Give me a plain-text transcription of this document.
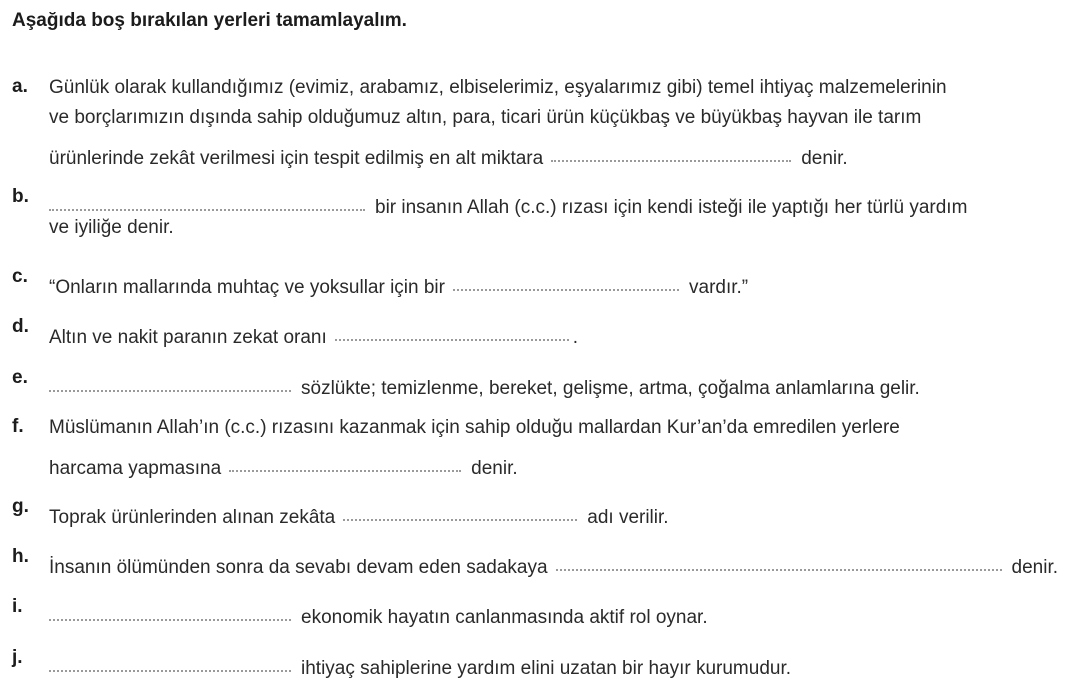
Aşağıda boş bırakılan yerleri tamamlayalım.
a. Günlük olarak kullandığımız (evimiz, arabamız, elbiselerimiz, eşyalarımız gibi) temel ihtiyaç malzemelerinin
ve borçlarımızın dışında sahip olduğumuz altın, para, ticari ürün küçükbaş ve büyükbaş hayvan ile tarım
ürünlerinde zekât verilmesi için tespit edilmiş en alt miktara	denir.
b.
bir insanın Allah (c.c.) rızası için kendi isteği ile yaptığı her türlü yardım
ve iyiliğe denir.
c.
“Onların mallarında muhtaç ve yoksullar için bir	vardır.”
d.
Altın ve nakit paranın zekat oranı	.
e.
sözlükte; temizlenme, bereket, gelişme, artma, çoğalma anlamlarına gelir.
f. Müslümanın Allah’ın (c.c.) rızasını kazanmak için sahip olduğu mallardan Kur’an’da emredilen yerlere
harcama yapmasına	denir.
g.
Toprak ürünlerinden alınan zekâta	adı verilir.
h.
İnsanın ölümünden sonra da sevabı devam eden sadakaya	denir.
i.
ekonomik hayatın canlanmasında aktif rol oynar.
j.
ihtiyaç sahiplerine yardım elini uzatan bir hayır kurumudur.
